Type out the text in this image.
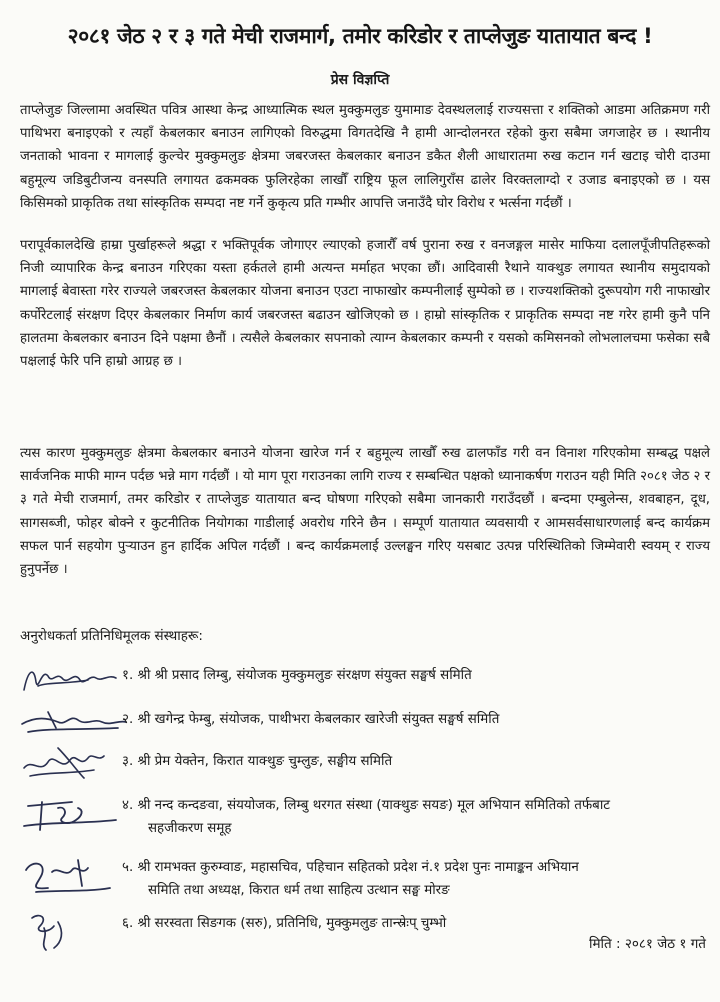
२०८१ जेठ २ र ३ गते मेची राजमार्ग, तमोर करिडोर र ताप्लेजुङ यातायात बन्द !
प्रेस विज्ञप्ति

ताप्लेजुङ जिल्लामा अवस्थित पवित्र आस्था केन्द्र आध्यात्मिक स्थल मुक्कुमलुङ युमामाङ देवस्थललाई राज्यसत्ता र शक्तिको आडमा अतिक्रमण गरी पाथिभरा बनाइएको र त्यहाँ केबलकार बनाउन लागिएको विरुद्धमा विगतदेखि नै हामी आन्दोलनरत रहेको कुरा सबैमा जगजाहेर छ । स्थानीय जनताको भावना र मागलाई कुल्चेर मुक्कुमलुङ क्षेत्रमा जबरजस्त केबलकार बनाउन डकैत शैली आधारातमा रुख कटान गर्न खटाइ चोरी दाउमा बहुमूल्य जडिबुटीजन्य वनस्पति लगायत ढकमक्क फुलिरहेका लाखौँ राष्ट्रिय फूल लालिगुराँस ढालेर विरक्तलाग्दो र उजाड बनाइएको छ । यस किसिमको प्राकृतिक तथा सांस्कृतिक सम्पदा नष्ट गर्ने कुकृत्य प्रति गम्भीर आपत्ति जनाउँदै घोर विरोध र भर्त्सना गर्दछौं ।

परापूर्वकालदेखि हाम्रा पुर्खाहरूले श्रद्धा र भक्तिपूर्वक जोगाएर ल्याएको हजारौँ वर्ष पुराना रुख र वनजङ्गल मासेर माफिया दलालपूँजीपतिहरूको निजी व्यापारिक केन्द्र बनाउन गरिएका यस्ता हर्कतले हामी अत्यन्त मर्माहत भएका छौं। आदिवासी रैथाने याक्थुङ लगायत स्थानीय समुदायको मागलाई बेवास्ता गरेर राज्यले जबरजस्त केबलकार योजना बनाउन एउटा नाफाखोर कम्पनीलाई सुम्पेको छ । राज्यशक्तिको दुरूपयोग गरी नाफाखोर कर्पोरेटलाई संरक्षण दिएर केबलकार निर्माण कार्य जबरजस्त बढाउन खोजिएको छ । हाम्रो सांस्कृतिक र प्राकृतिक सम्पदा नष्ट गरेर हामी कुनै पनि हालतमा केबलकार बनाउन दिने पक्षमा छैनौं । त्यसैले केबलकार सपनाको त्याग्न केबलकार कम्पनी र यसको कमिसनको लोभलालचमा फसेका सबै पक्षलाई फेरि पनि हाम्रो आग्रह छ ।

त्यस कारण मुक्कुमलुङ क्षेत्रमा केबलकार बनाउने योजना खारेज गर्न र बहुमूल्य लाखौँ रुख ढालफाँड गरी वन विनाश गरिएकोमा सम्बद्ध पक्षले सार्वजनिक माफी माग्न पर्दछ भन्ने माग गर्दछौं । यो माग पूरा गराउनका लागि राज्य र सम्बन्धित पक्षको ध्यानाकर्षण गराउन यही मिति २०८१ जेठ २ र ३ गते मेची राजमार्ग, तमर करिडोर र ताप्लेजुङ यातायात बन्द घोषणा गरिएको सबैमा जानकारी गराउँदछौं । बन्दमा एम्बुलेन्स, शवबाहन, दूध, सागसब्जी, फोहर बोक्ने र कुटनीतिक नियोगका गाडीलाई अवरोध गरिने छैन । सम्पूर्ण यातायात व्यवसायी र आमसर्वसाधारणलाई बन्द कार्यक्रम सफल पार्न सहयोग पुऱ्याउन हुन हार्दिक अपिल गर्दछौं । बन्द कार्यक्रमलाई उल्लङ्घन गरिए यसबाट उत्पन्न परिस्थितिको जिम्मेवारी स्वयम् र राज्य हुनुपर्नेछ ।

अनुरोधकर्ता प्रतिनिधिमूलक संस्थाहरू:
१. श्री श्री प्रसाद लिम्बु, संयोजक मुक्कुमलुङ संरक्षण संयुक्त सङ्घर्ष समिति
२. श्री खगेन्द्र फेम्बु, संयोजक, पाथीभरा केबलकार खारेजी संयुक्त सङ्घर्ष समिति
३. श्री प्रेम येक्तेन, किरात याक्थुङ चुम्लुङ, सङ्घीय समिति
४. श्री नन्द कन्दङवा, संययोजक, लिम्बु थरगत संस्था (याक्थुङ सयङ) मूल अभियान समितिको तर्फबाट
सहजीकरण समूह
५. श्री रामभक्त कुरुम्वाङ, महासचिव, पहिचान सहितको प्रदेश नं.१ प्रदेश पुनः नामाङ्कन अभियान
समिति तथा अध्यक्ष, किरात धर्म तथा साहित्य उत्थान सङ्घ मोरङ
६. श्री सरस्वता सिङगक (सरु), प्रतिनिधि, मुक्कुमलुङ तान्स्रेःप् चुम्भो
मिति : २०८१ जेठ १ गते
